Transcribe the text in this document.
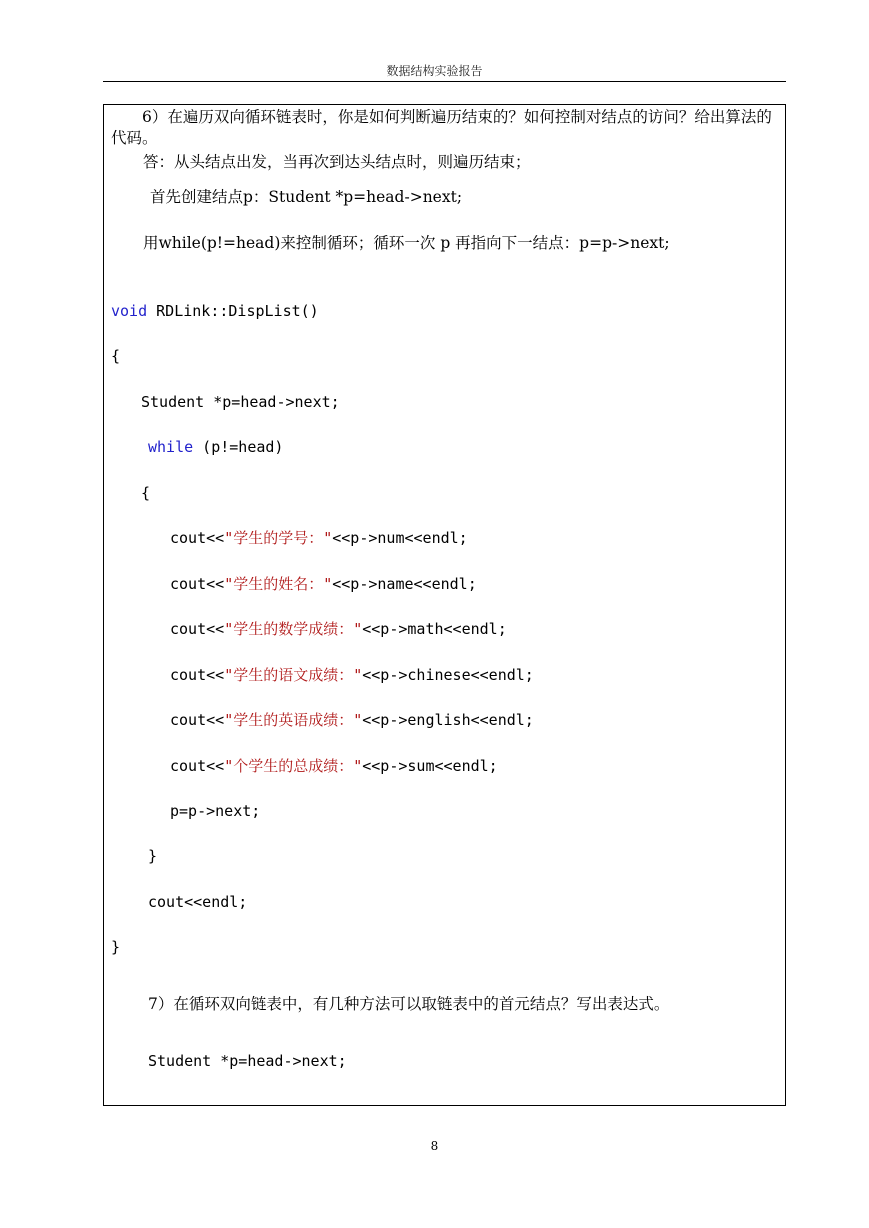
数据结构实验报告
6）在遍历双向循环链表时，你是如何判断遍历结束的？如何控制对结点的访问？给出算法的代码。
答：从头结点出发，当再次到达头结点时，则遍历结束；
首先创建结点p：Student *p=head->next;
用while(p!=head)来控制循环；循环一次 p 再指向下一结点：p=p->next;
void RDLink::DispList()
{
Student *p=head->next;
while (p!=head)
{
cout<<"学生的学号："<<p->num<<endl;
cout<<"学生的姓名："<<p->name<<endl;
cout<<"学生的数学成绩："<<p->math<<endl;
cout<<"学生的语文成绩："<<p->chinese<<endl;
cout<<"学生的英语成绩："<<p->english<<endl;
cout<<"个学生的总成绩："<<p->sum<<endl;
p=p->next;
}
cout<<endl;
}
7）在循环双向链表中，有几种方法可以取链表中的首元结点？写出表达式。
Student *p=head->next;
8
